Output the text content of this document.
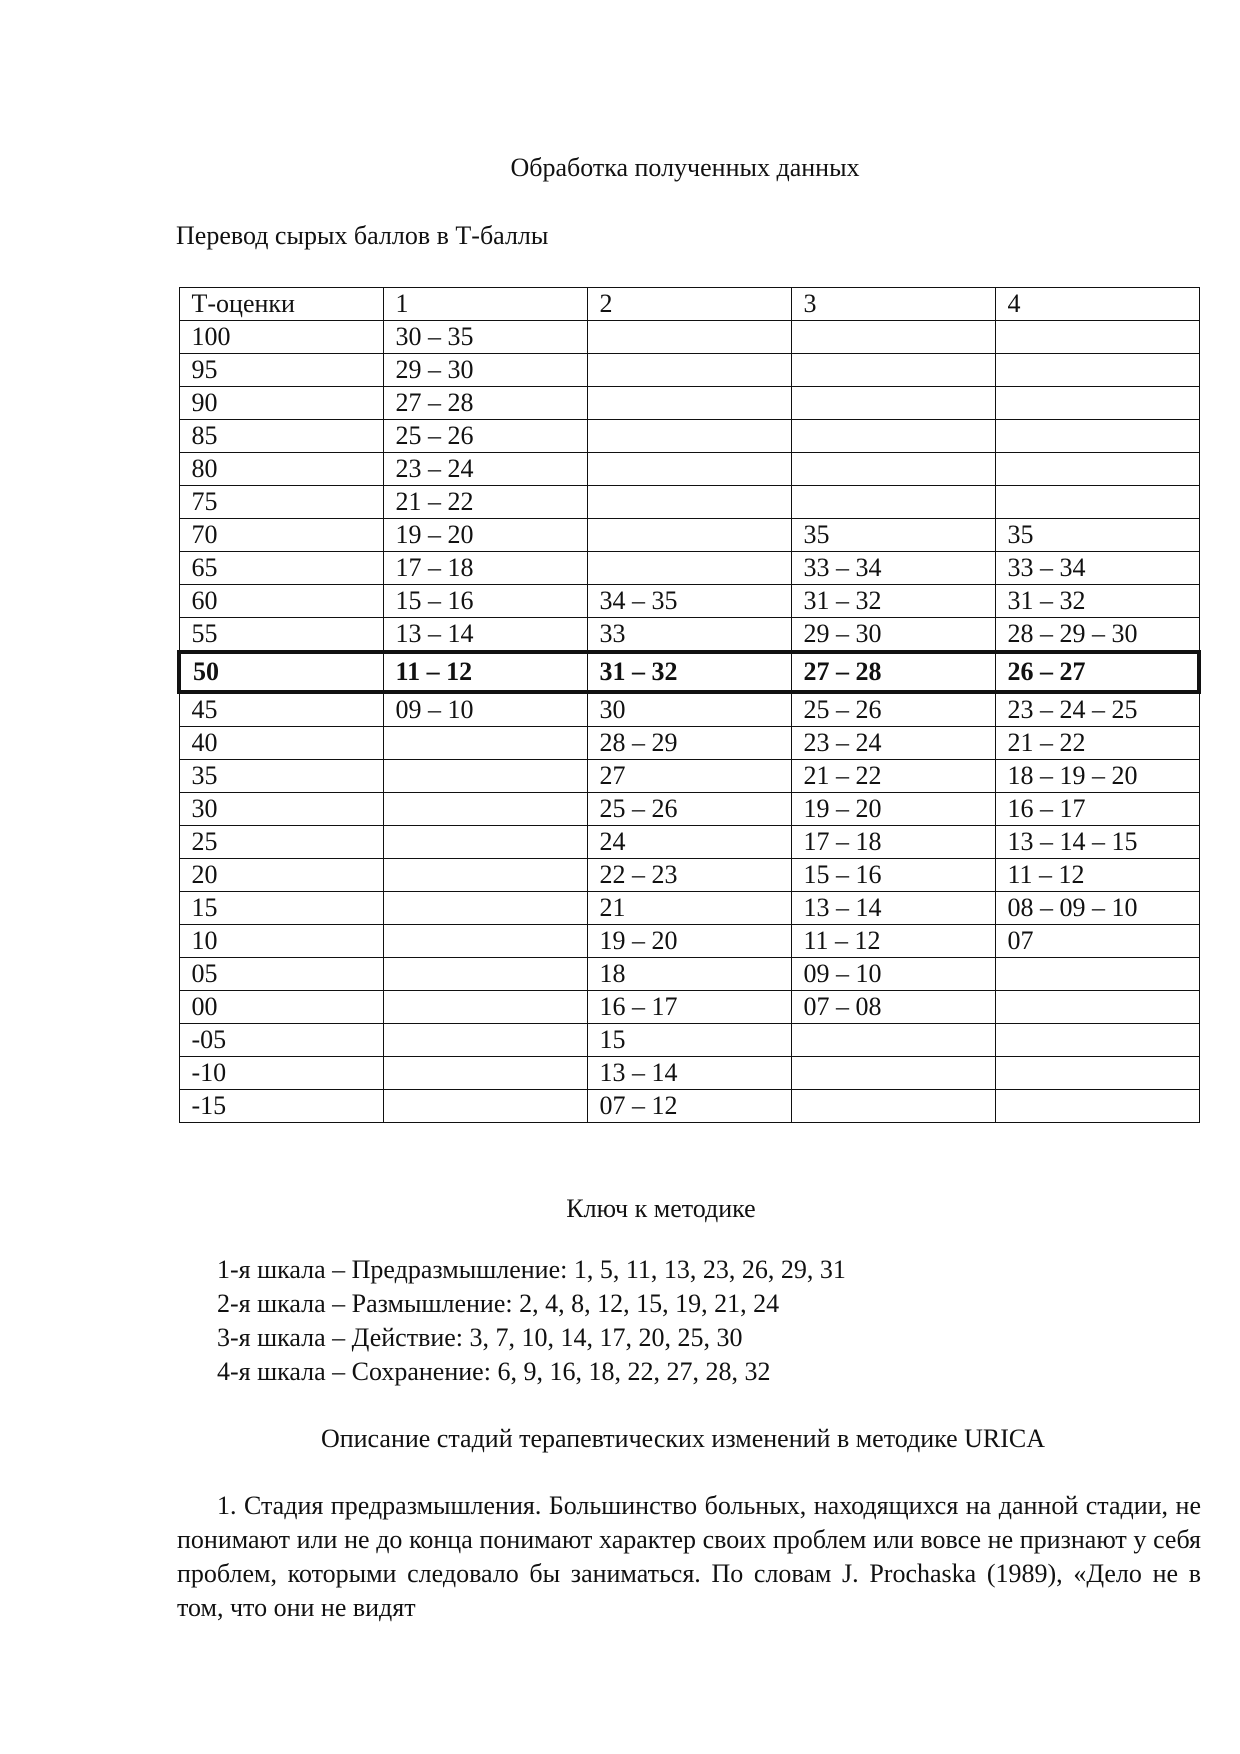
Обработка полученных данных
Перевод сырых баллов в Т-баллы
Т-оценки	1	2	3	4
100	30 – 35			
95	29 – 30			
90	27 – 28			
85	25 – 26			
80	23 – 24			
75	21 – 22			
70	19 – 20		35	35
65	17 – 18		33 – 34	33 – 34
60	15 – 16	34 – 35	31 – 32	31 – 32
55	13 – 14	33	29 – 30	28 – 29 – 30
50	11 – 12	31 – 32	27 – 28	26 – 27
45	09 – 10	30	25 – 26	23 – 24 – 25
40		28 – 29	23 – 24	21 – 22
35		27	21 – 22	18 – 19 – 20
30		25 – 26	19 – 20	16 – 17
25		24	17 – 18	13 – 14 – 15
20		22 – 23	15 – 16	11 – 12
15		21	13 – 14	08 – 09 – 10
10		19 – 20	11 – 12	07
05		18	09 – 10	
00		16 – 17	07 – 08	
-05		15		
-10		13 – 14		
-15		07 – 12		
Ключ к методике
1-я шкала – Предразмышление: 1, 5, 11, 13, 23, 26, 29, 31
2-я шкала – Размышление: 2, 4, 8, 12, 15, 19, 21, 24
3-я шкала – Действие: 3, 7, 10, 14, 17, 20, 25, 30
4-я шкала – Сохранение: 6, 9, 16, 18, 22, 27, 28, 32
Описание стадий терапевтических изменений в методике URICA
1. Стадия предразмышления. Большинство больных, находящихся на данной стадии, не понимают или не до конца понимают характер своих проблем или вовсе не признают у себя проблем, которыми следовало бы заниматься. По словам J. Prochaska (1989), «Дело не в том, что они не видят
